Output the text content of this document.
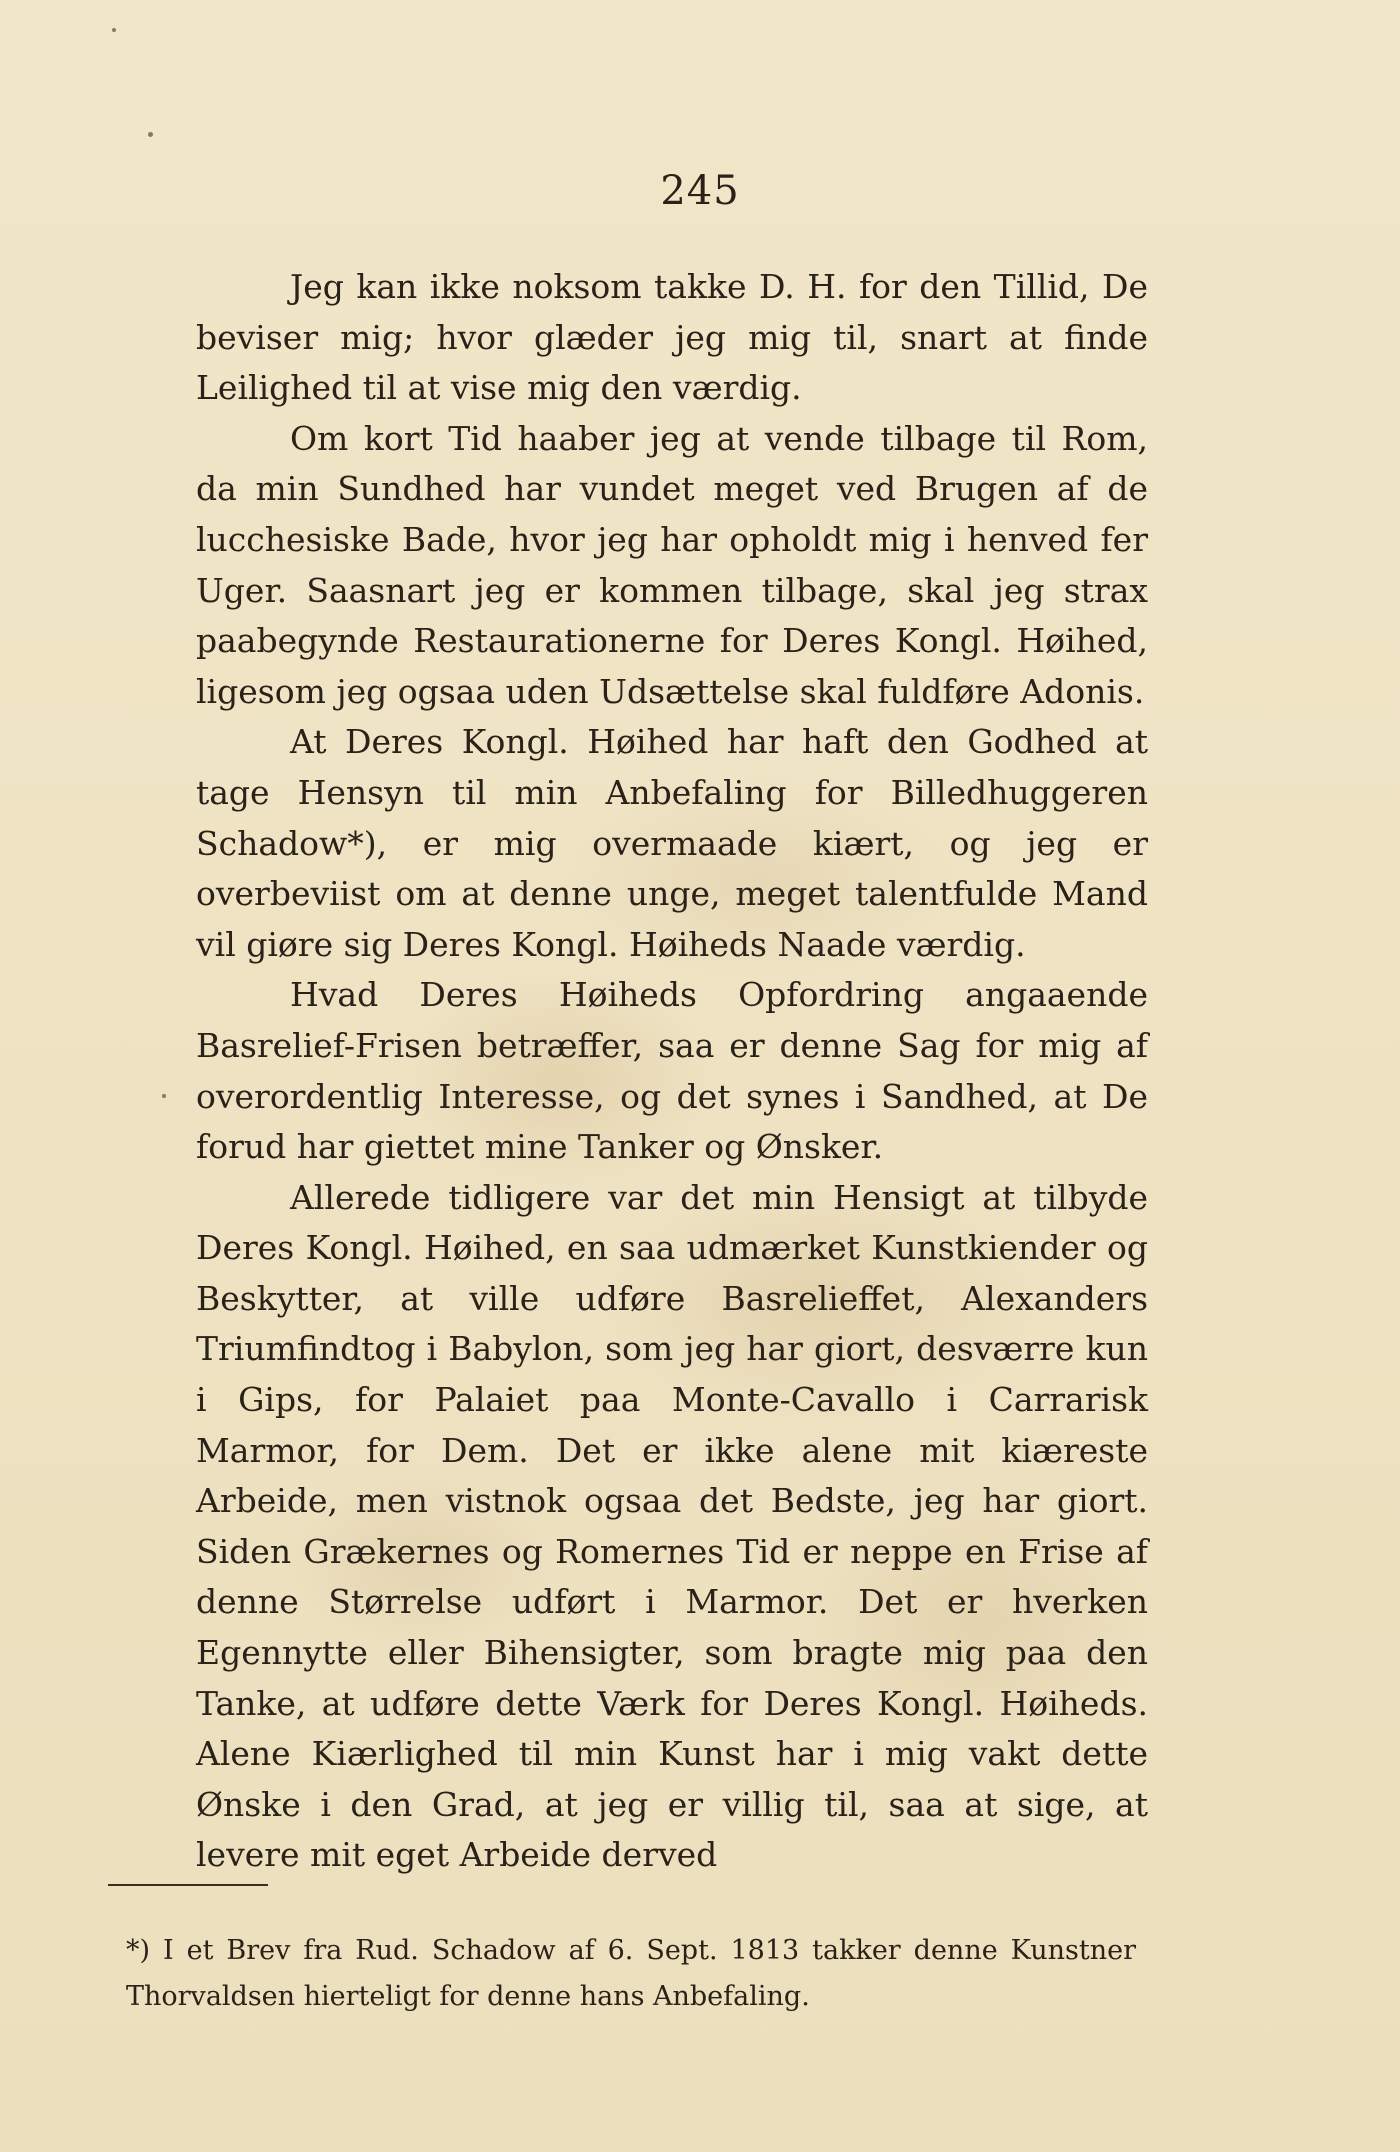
245

Jeg kan ikke noksom takke D. H. for den Tillid, De beviser mig; hvor glæder jeg mig til, snart at finde Leilighed til at vise mig den værdig.

Om kort Tid haaber jeg at vende tilbage til Rom, da min Sundhed har vundet meget ved Brugen af de lucchesiske Bade, hvor jeg har opholdt mig i henved fer Uger. Saasnart jeg er kommen tilbage, skal jeg strax paabegynde Restaurationerne for Deres Kongl. Høihed, ligesom jeg ogsaa uden Udsættelse skal fuldføre Adonis.

At Deres Kongl. Høihed har haft den Godhed at tage Hensyn til min Anbefaling for Billedhuggeren Schadow*), er mig overmaade kiært, og jeg er overbeviist om at denne unge, meget talentfulde Mand vil giøre sig Deres Kongl. Høiheds Naade værdig.

Hvad Deres Høiheds Opfordring angaaende Basrelief-Frisen betræffer, saa er denne Sag for mig af overordentlig Interesse, og det synes i Sandhed, at De forud har giettet mine Tanker og Ønsker.

Allerede tidligere var det min Hensigt at tilbyde Deres Kongl. Høihed, en saa udmærket Kunstkiender og Beskytter, at ville udføre Basrelieffet, Alexanders Triumfindtog i Babylon, som jeg har giort, desværre kun i Gips, for Palaiet paa Monte-Cavallo i Carrarisk Marmor, for Dem. Det er ikke alene mit kiæreste Arbeide, men vistnok ogsaa det Bedste, jeg har giort. Siden Grækernes og Romernes Tid er neppe en Frise af denne Størrelse udført i Marmor. Det er hverken Egennytte eller Bihensigter, som bragte mig paa den Tanke, at udføre dette Værk for Deres Kongl. Høiheds. Alene Kiærlighed til min Kunst har i mig vakt dette Ønske i den Grad, at jeg er villig til, saa at sige, at levere mit eget Arbeide derved

*) I et Brev fra Rud. Schadow af 6. Sept. 1813 takker denne Kunstner Thorvaldsen hierteligt for denne hans Anbefaling.
